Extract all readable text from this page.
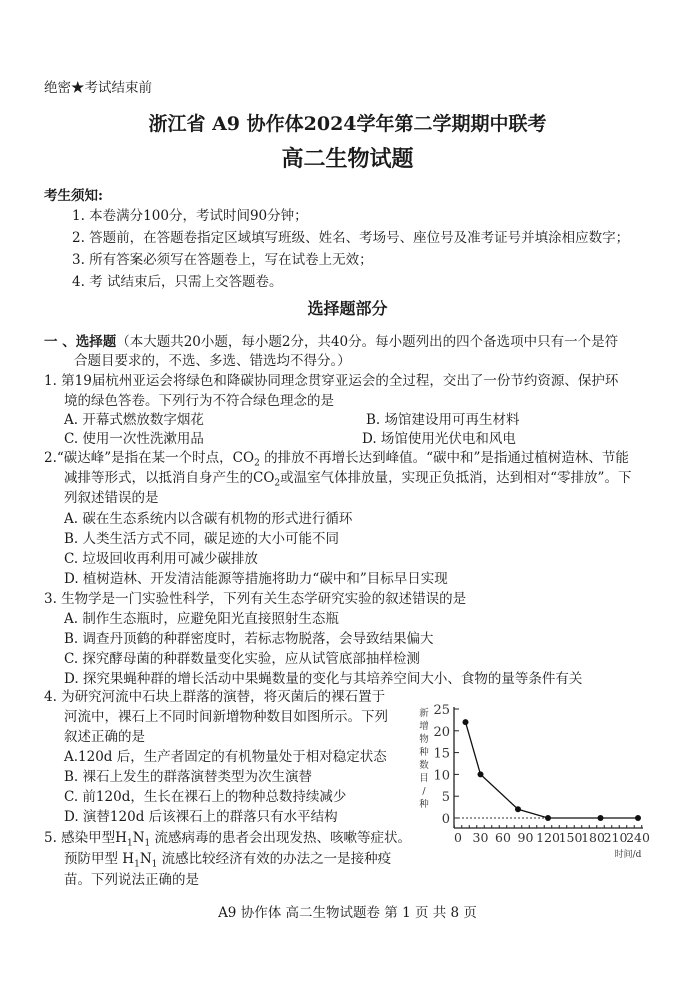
绝密★考试结束前
浙江省 A9 协作体2024学年第二学期期中联考
高二生物试题
考生须知:
1. 本卷满分100分，考试时间90分钟；
2. 答题前，在答题卷指定区域填写班级、姓名、考场号、座位号及准考证号并填涂相应数字；
3. 所有答案必须写在答题卷上，写在试卷上无效；
4. 考 试结束后，只需上交答题卷。
选择题部分
一 、选择题（本大题共20小题，每小题2分，共40分。每小题列出的四个备选项中只有一个是符
合题目要求的，不选、多选、错选均不得分。）
1. 第19届杭州亚运会将绿色和降碳协同理念贯穿亚运会的全过程，交出了一份节约资源、保护环
境的绿色答卷。下列行为不符合绿色理念的是
A. 开幕式燃放数字烟花	B. 场馆建设用可再生材料
C. 使用一次性洗漱用品	D. 场馆使用光伏电和风电
2.“碳达峰”是指在某一个时点，$CO_2$ 的排放不再增长达到峰值。“碳中和”是指通过植树造林、节能
减排等形式，以抵消自身产生的$CO_2$或温室气体排放量，实现正负抵消，达到相对“零排放”。下
列叙述错误的是
A. 碳在生态系统内以含碳有机物的形式进行循环
B. 人类生活方式不同，碳足迹的大小可能不同
C. 垃圾回收再利用可减少碳排放
D. 植树造林、开发清洁能源等措施将助力“碳中和”目标早日实现
3. 生物学是一门实验性科学，下列有关生态学研究实验的叙述错误的是
A. 制作生态瓶时，应避免阳光直接照射生态瓶
B. 调查丹顶鹤的种群密度时，若标志物脱落，会导致结果偏大
C. 探究酵母菌的种群数量变化实验，应从试管底部抽样检测
D. 探究果蝇种群的增长活动中果蝇数量的变化与其培养空间大小、食物的量等条件有关
4. 为研究河流中石块上群落的演替，将灭菌后的裸石置于
河流中，裸石上不同时间新增物种数目如图所示。下列
叙述正确的是
A.120d 后，生产者固定的有机物量处于相对稳定状态
B. 裸石上发生的群落演替类型为次生演替
C. 前120d，生长在裸石上的物种总数持续减少
D. 演替120d 后该裸石上的群落只有水平结构
5. 感染甲型$H_1N_1$ 流感病毒的患者会出现发热、咳嗽等症状。
预防甲型 $H_1N_1$ 流感比较经济有效的办法之一是接种疫
苗。下列说法正确的是
A9 协作体 高二生物试题卷 第 1 页 共 8 页
0
5
10
15
20
25
0 30 60 90 120
150
180
210
240
新
增
物
种
数
目
/
种
时间/d
